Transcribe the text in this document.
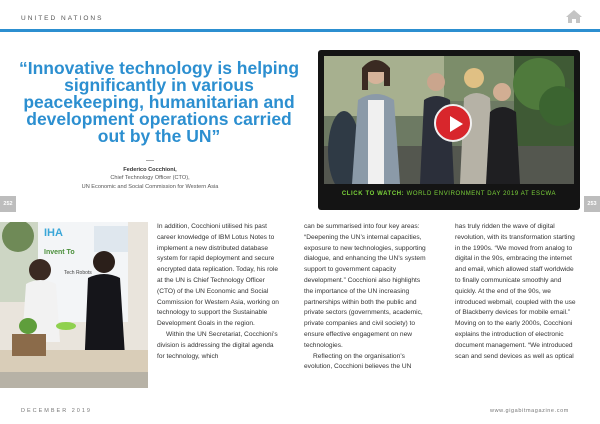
UNITED NATIONS
“Innovative technology is helping significantly in various peacekeeping, humanitarian and development operations carried out by the UN”
Federico Cocchioni,
Chief Technology Officer (CTO),
UN Economic and Social Commission for Western Asia
252	253
CLICK TO WATCH: WORLD ENVIRONMENT DAY 2019 AT ESCWA
IHA
Invent To
Tech Robots

In addition, Cocchioni utilised his past career knowledge of IBM Lotus Notes to implement a new distributed database system for rapid deployment and secure encrypted data replication. Today, his role at the UN is Chief Technology Officer (CTO) of the UN Economic and Social Commission for Western Asia, working on technology to support the Sustainable Development Goals in the region.

Within the UN Secretariat, Cocchioni’s division is addressing the digital agenda for technology, which

can be summarised into four key areas: “Deepening the UN’s internal capacities, exposure to new technologies, supporting dialogue, and enhancing the UN’s system support to government capacity development.” Cocchioni also highlights the importance of the UN increasing partnerships within both the public and private sectors (governments, academic, private companies and civil society) to ensure effective engagement on new technologies.

Reflecting on the organisation’s evolution, Cocchioni believes the UN

has truly ridden the wave of digital revolution, with its transformation starting in the 1990s. “We moved from analog to digital in the 90s, embracing the internet and email, which allowed staff worldwide to finally communicate smoothly and quickly. At the end of the 90s, we introduced webmail, coupled with the use of Blackberry devices for mobile email.” Moving on to the early 2000s, Cocchioni explains the introduction of electronic document management. “We introduced scan and send devices as well as optical

DECEMBER 2019	www.gigabitmagazine.com
